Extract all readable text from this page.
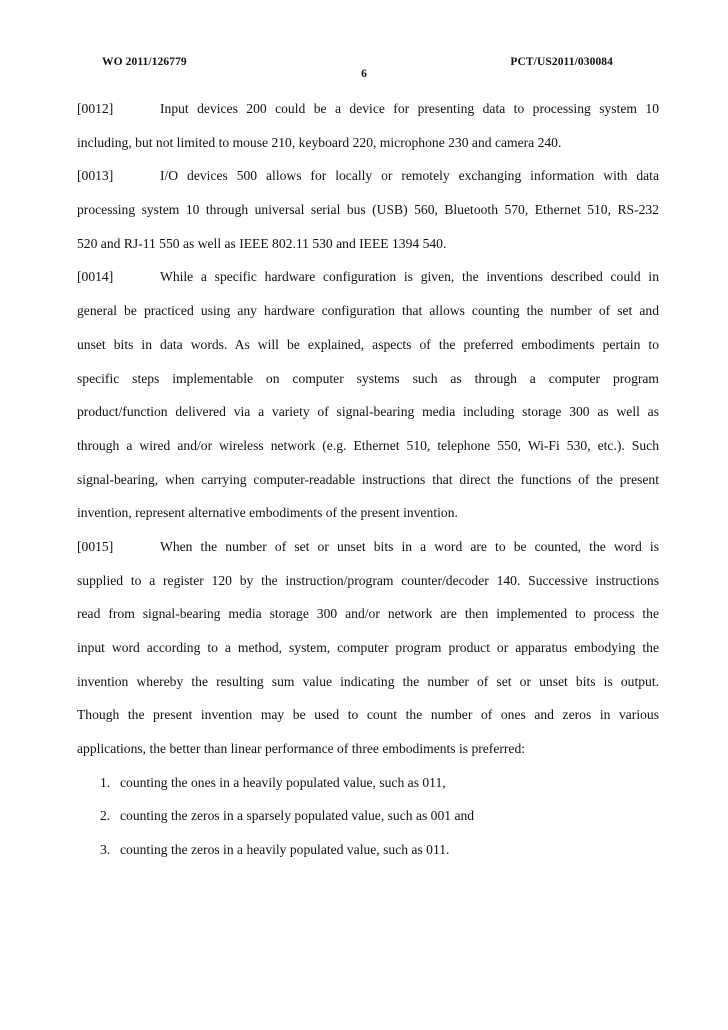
WO 2011/126779	PCT/US2011/030084
6
[0012]	Input devices 200 could be a device for presenting data to processing system 10
including, but not limited to mouse 210, keyboard 220, microphone 230 and camera 240.
[0013]	I/O devices 500 allows for locally or remotely exchanging information with data
processing system 10 through universal serial bus (USB) 560, Bluetooth 570, Ethernet 510, RS-232
520 and RJ-11 550 as well as IEEE 802.11 530 and IEEE 1394 540.
[0014]	While a specific hardware configuration is given, the inventions described could in
general be practiced using any hardware configuration that allows counting the number of set and
unset bits in data words. As will be explained, aspects of the preferred embodiments pertain to
specific steps implementable on computer systems such as through a computer program
product/function delivered via a variety of signal-bearing media including storage 300 as well as
through a wired and/or wireless network (e.g. Ethernet 510, telephone 550, Wi-Fi 530, etc.). Such
signal-bearing, when carrying computer-readable instructions that direct the functions of the present
invention, represent alternative embodiments of the present invention.
[0015]	When the number of set or unset bits in a word are to be counted, the word is
supplied to a register 120 by the instruction/program counter/decoder 140. Successive instructions
read from signal-bearing media storage 300 and/or network are then implemented to process the
input word according to a method, system, computer program product or apparatus embodying the
invention whereby the resulting sum value indicating the number of set or unset bits is output.
Though the present invention may be used to count the number of ones and zeros in various
applications, the better than linear performance of three embodiments is preferred:
1. counting the ones in a heavily populated value, such as 011,
2. counting the zeros in a sparsely populated value, such as 001 and
3. counting the zeros in a heavily populated value, such as 011.
